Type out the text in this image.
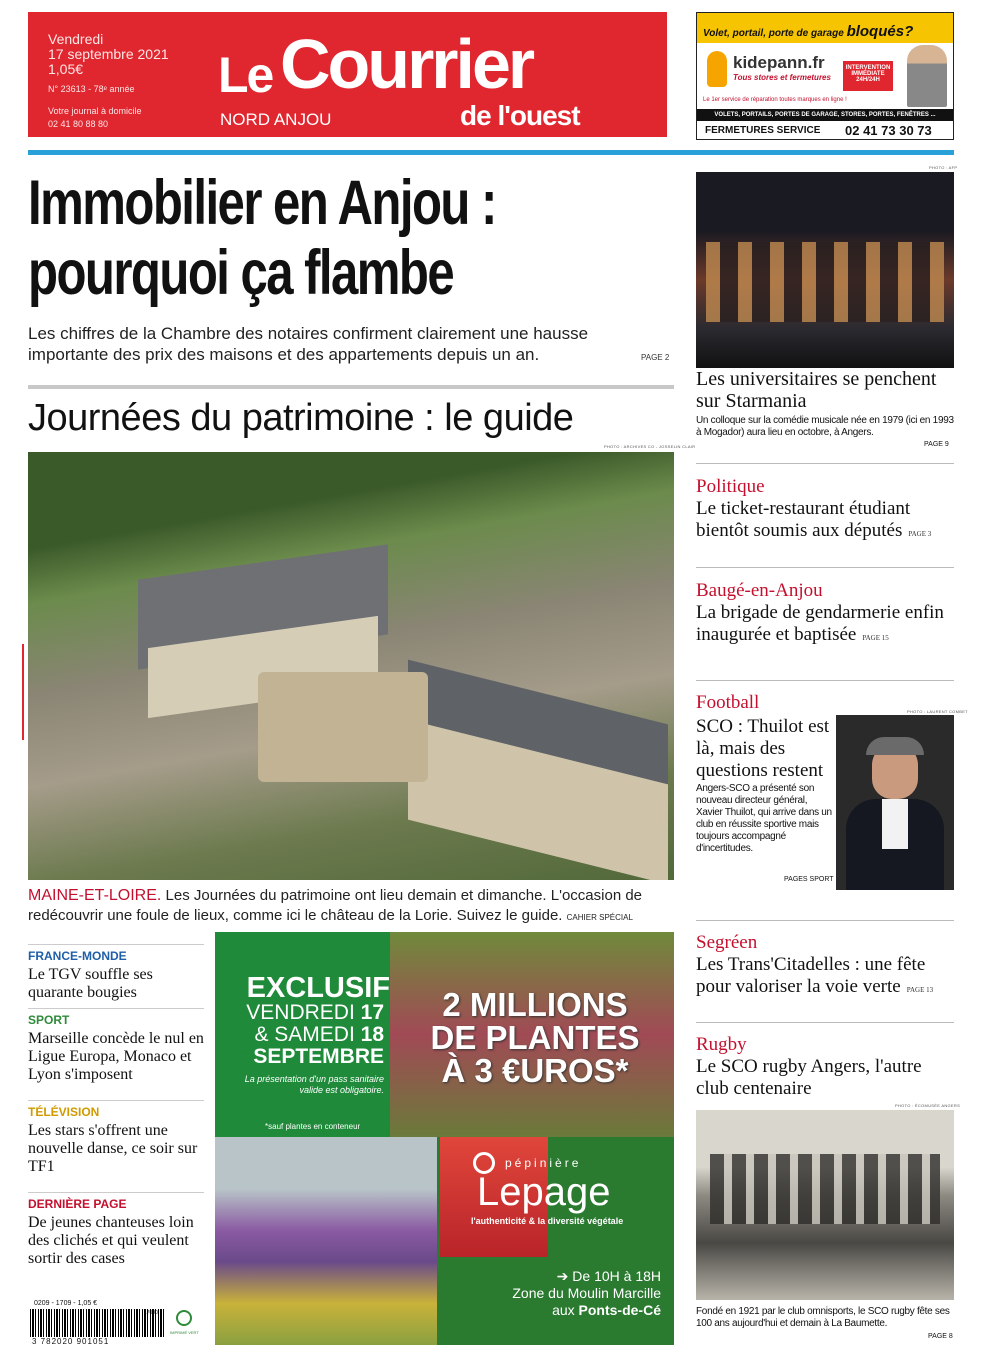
Vendredi
17 septembre 2021
1,05€
N° 23613 - 78ᵉ année
Votre journal à domicile
02 41 80 88 80
Le Courrier
de l'ouest
NORD ANJOU
Volet, portail, porte de garage bloqués?
kidepann.fr
Tous stores et fermetures
Le 1er service de réparation toutes marques en ligne !
INTERVENTION IMMÉDIATE 24H/24H
VOLETS, PORTAILS, PORTES DE GARAGE, STORES, PORTES, FENÊTRES ...
FERMETURES SERVICE 02 41 73 30 73
Immobilier en Anjou :
pourquoi ça flambe
Les chiffres de la Chambre des notaires confirment clairement une hausse importante des prix des maisons et des appartements depuis un an.	PAGE 2
Journées du patrimoine : le guide
PHOTO : ARCHIVES CO - JOSSELIN CLAIR
MAINE-ET-LOIRE. Les Journées du patrimoine ont lieu demain et dimanche. L'occasion de redécouvrir une foule de lieux, comme ici le château de la Lorie. Suivez le guide. CAHIER SPÉCIAL
FRANCE-MONDE
Le TGV souffle ses quarante bougies
SPORT
Marseille concède le nul en Ligue Europa, Monaco et Lyon s'imposent
TÉLÉVISION
Les stars s'offrent une nouvelle danse, ce soir sur TF1
DERNIÈRE PAGE
De jeunes chanteuses loin des clichés et qui veulent sortir des cases
0209 - 1709 - 1,05 €
3 782020 901051
17090
IMPRIMÉ VERT
EXCLUSIF
VENDREDI 17
& SAMEDI 18
SEPTEMBRE
La présentation d'un pass sanitaire valide est obligatoire.
*sauf plantes en conteneur
2 MILLIONS
DE PLANTES
À 3 €UROS*
pépinière
Lepage
l'authenticité & la diversité végétale
➔ De 10H à 18H
Zone du Moulin Marcille
aux Ponts-de-Cé
PHOTO : AFP
Les universitaires se penchent sur Starmania
Un colloque sur la comédie musicale née en 1979 (ici en 1993 à Mogador) aura lieu en octobre, à Angers.
PAGE 9
Politique
Le ticket-restaurant étudiant bientôt soumis aux députés PAGE 3
Baugé-en-Anjou
La brigade de gendarmerie enfin inaugurée et baptisée PAGE 15
Football	PHOTO : LAURENT COMBET
SCO : Thuilot est là, mais des questions restent
Angers-SCO a présenté son nouveau directeur général, Xavier Thuilot, qui arrive dans un club en réussite sportive mais toujours accompagné d'incertitudes.
PAGES SPORT
Segréen
Les Trans'Citadelles : une fête pour valoriser la voie verte PAGE 13
Rugby
Le SCO rugby Angers, l'autre club centenaire
PHOTO : ÉCOMUSÉE ANGERS
Fondé en 1921 par le club omnisports, le SCO rugby fête ses 100 ans aujourd'hui et demain à La Baumette.
PAGE 8
